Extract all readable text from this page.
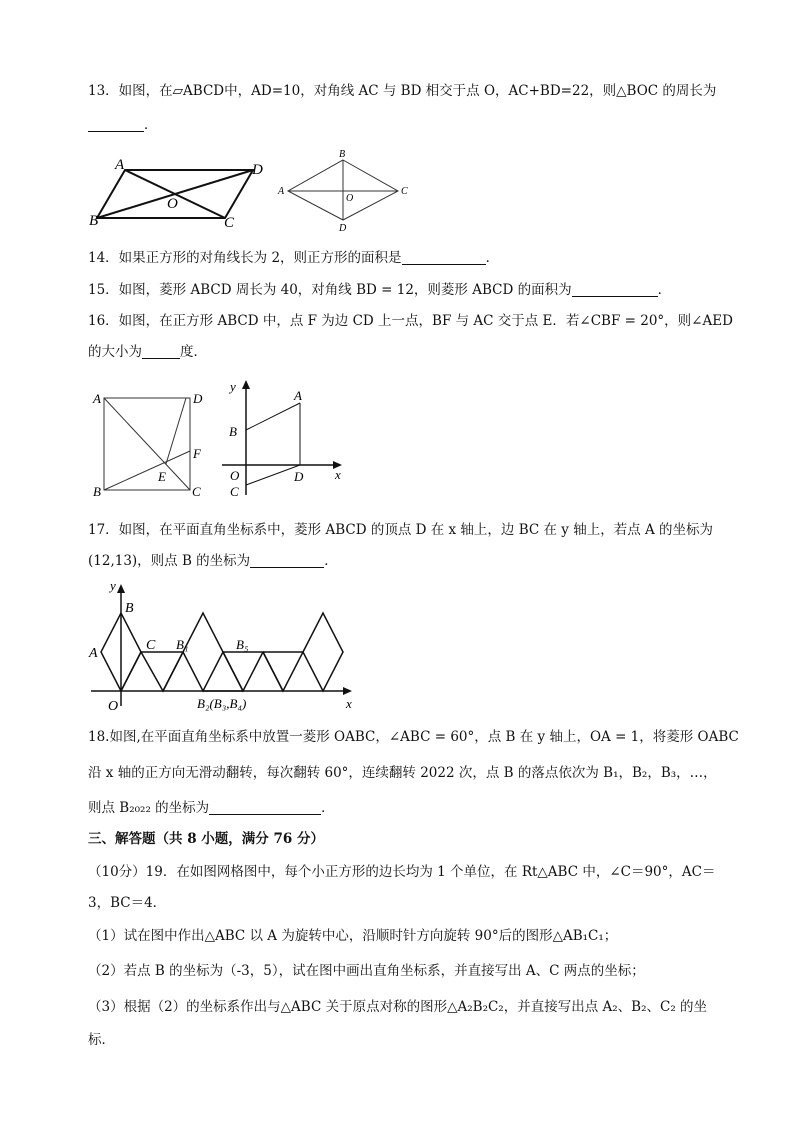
13．如图，在▱ABCD中，AD=10，对角线 AC 与 BD 相交于点 O，AC+BD=22，则△BOC 的周长为
．
A	D
B	C
O
B
A	C
D
O
14．如果正方形的对角线长为 2，则正方形的面积是	．
15．如图，菱形 ABCD 周长为 40，对角线 BD = 12，则菱形 ABCD 的面积为	．
16．如图，在正方形 ABCD 中，点 F 为边 CD 上一点，BF 与 AC 交于点 E．若∠CBF = 20°，则∠AED
的大小为	度．
A	D
B	C
E
F
y
x
A
B
O
C
D
17．如图，在平面直角坐标系中，菱形 ABCD 的顶点 D 在 x 轴上，边 BC 在 y 轴上，若点 A 的坐标为
(12,13)，则点 B 的坐标为	．
y
x
B
A
C
O
B₁	B₅
B₂(B₃,B₄)
18.如图,在平面直角坐标系中放置一菱形 OABC，∠ABC = 60°，点 B 在 y 轴上，OA = 1，将菱形 OABC
沿 x 轴的正方向无滑动翻转，每次翻转 60°，连续翻转 2022 次，点 B 的落点依次为 B₁，B₂，B₃，…，
则点 B₂₀₂₂ 的坐标为	．
三、解答题（共 8 小题，满分 76 分）
（10分）19．在如图网格图中，每个小正方形的边长均为 1 个单位，在 Rt△ABC 中，∠C＝90°，AC＝
3，BC＝4．
（1）试在图中作出△ABC 以 A 为旋转中心，沿顺时针方向旋转 90°后的图形△AB₁C₁；
（2）若点 B 的坐标为（-3，5），试在图中画出直角坐标系，并直接写出 A、C 两点的坐标；
（3）根据（2）的坐标系作出与△ABC 关于原点对称的图形△A₂B₂C₂，并直接写出点 A₂、B₂、C₂ 的坐
标．
